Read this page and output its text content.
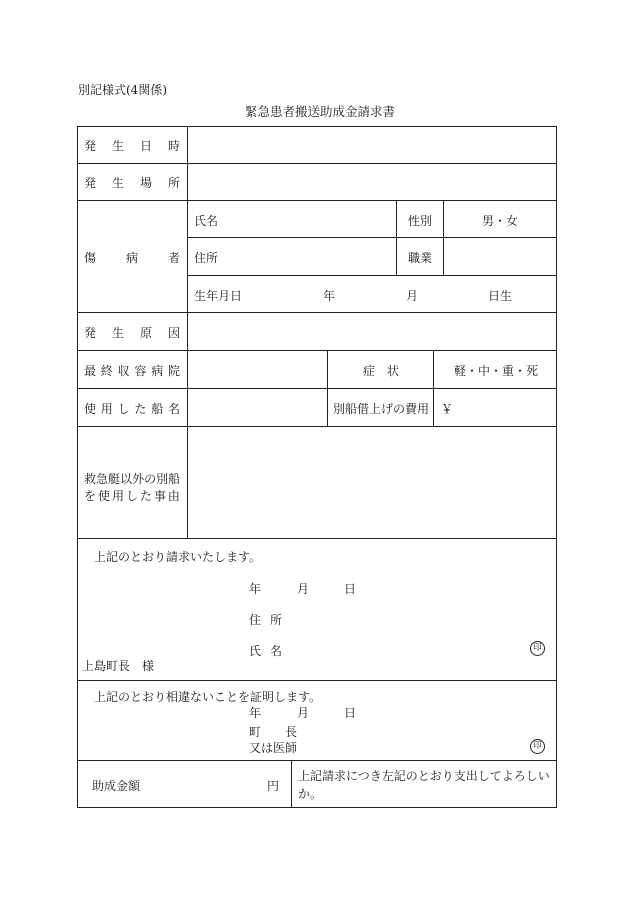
別記様式(4関係)
緊急患者搬送助成金請求書
発 生 日 時
発 生 場 所
傷 病 者
氏名	性別	男・女
住所	職業
生年月日	年	月	日生
発 生 原 因
最 終 収 容 病 院	症 状	軽・中・重・死
使 用 し た 船 名	別船借上げの費用 ￥
救 急 艇 以 外 の 別 船
を 使 用 し た 事 由
上記のとおり請求いたします。
年	月	日
住 所
氏 名	印
上島町長　様
上記のとおり相違ないことを証明します。
年	月	日
町 長
又は医師	印
助成金額	円
上記請求につき左記のとおり支出してよろしい
か。
